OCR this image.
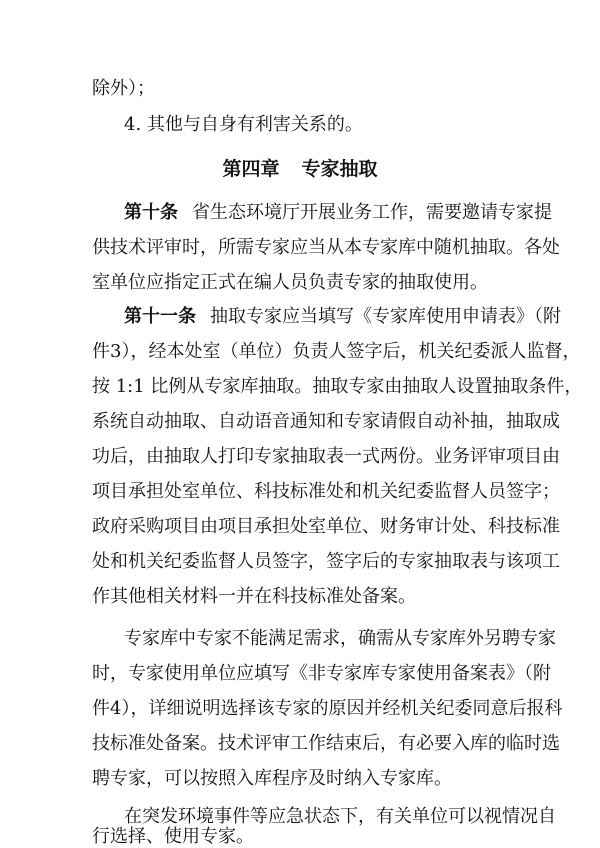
除外）；
4. 其他与自身有利害关系的。
第四章 专家抽取
第十条 省生态环境厅开展业务工作，需要邀请专家提
供技术评审时，所需专家应当从本专家库中随机抽取。各处
室单位应指定正式在编人员负责专家的抽取使用。
第十一条 抽取专家应当填写《专家库使用申请表》（附
件3），经本处室（单位）负责人签字后，机关纪委派人监督，
按 1:1 比例从专家库抽取。抽取专家由抽取人设置抽取条件，
系统自动抽取、自动语音通知和专家请假自动补抽，抽取成
功后，由抽取人打印专家抽取表一式两份。业务评审项目由
项目承担处室单位、科技标准处和机关纪委监督人员签字；
政府采购项目由项目承担处室单位、财务审计处、科技标准
处和机关纪委监督人员签字，签字后的专家抽取表与该项工
作其他相关材料一并在科技标准处备案。
专家库中专家不能满足需求，确需从专家库外另聘专家
时，专家使用单位应填写《非专家库专家使用备案表》（附
件4），详细说明选择该专家的原因并经机关纪委同意后报科
技标准处备案。技术评审工作结束后，有必要入库的临时选
聘专家，可以按照入库程序及时纳入专家库。
在突发环境事件等应急状态下，有关单位可以视情况自
行选择、使用专家。
